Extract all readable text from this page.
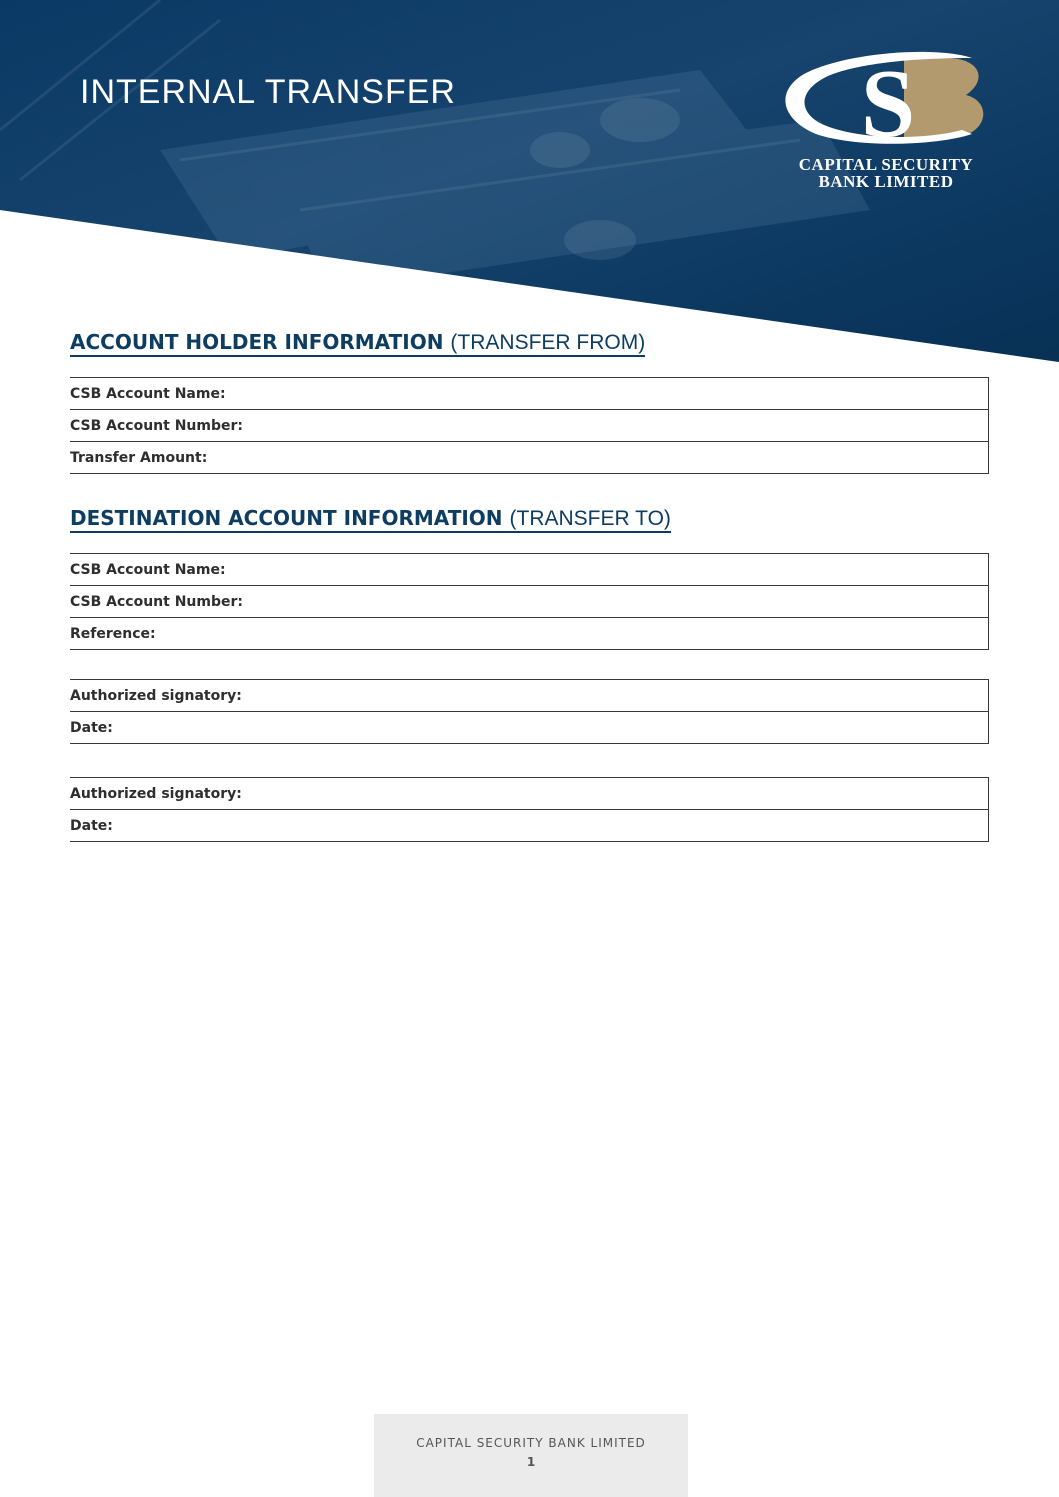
INTERNAL TRANSFER	S
CAPITAL SECURITY
BANK LIMITED
ACCOUNT HOLDER INFORMATION (TRANSFER FROM)
CSB Account Name:
CSB Account Number:
Transfer Amount:
DESTINATION ACCOUNT INFORMATION (TRANSFER TO)
CSB Account Name:
CSB Account Number:
Reference:
Authorized signatory:
Date:
Authorized signatory:
Date:
CAPITAL SECURITY BANK LIMITED
1
